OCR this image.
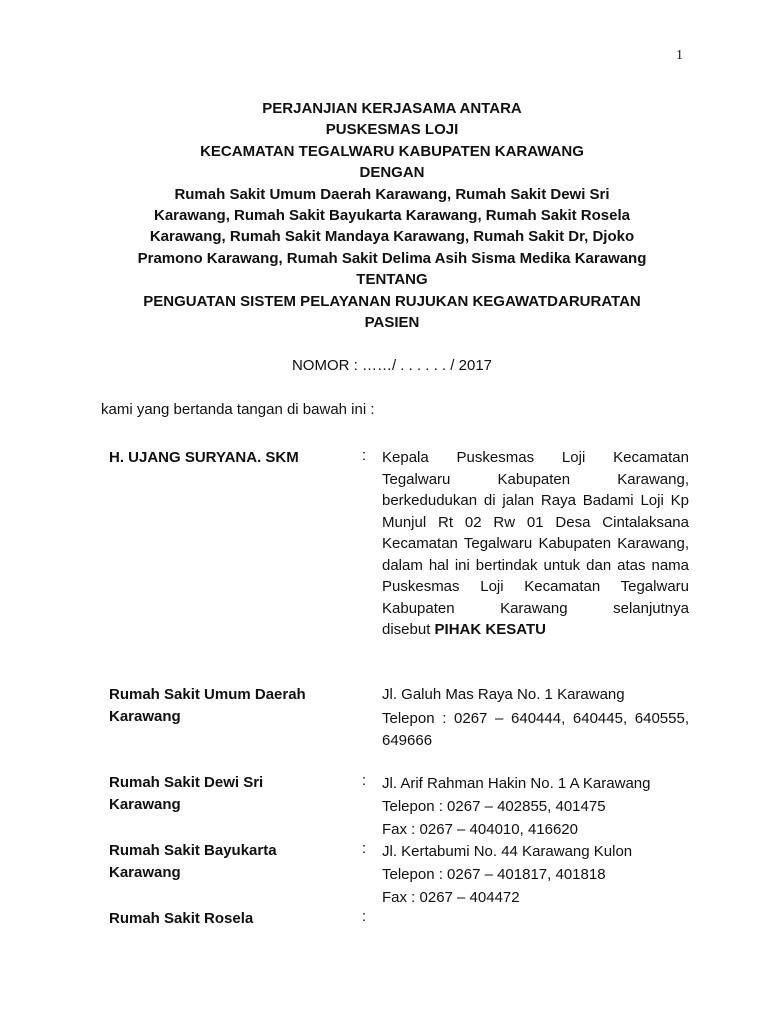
1
PERJANJIAN KERJASAMA ANTARA
PUSKESMAS LOJI
KECAMATAN TEGALWARU KABUPATEN KARAWANG
DENGAN
Rumah Sakit Umum Daerah Karawang, Rumah Sakit Dewi Sri
Karawang, Rumah Sakit Bayukarta Karawang, Rumah Sakit Rosela
Karawang, Rumah Sakit Mandaya Karawang, Rumah Sakit Dr, Djoko
Pramono Karawang, Rumah Sakit Delima Asih Sisma Medika Karawang
TENTANG
PENGUATAN SISTEM PELAYANAN RUJUKAN KEGAWATDARURATAN
PASIEN
NOMOR : ……/ . . . . . . / 2017
kami yang bertanda tangan di bawah ini :
H. UJANG SURYANA. SKM	: Kepala Puskesmas Loji Kecamatan Tegalwaru Kabupaten Karawang, berkedudukan di jalan Raya Badami Loji Kp Munjul Rt 02 Rw 01 Desa Cintalaksana Kecamatan Tegalwaru Kabupaten Karawang, dalam hal ini bertindak untuk dan atas nama Puskesmas Loji Kecamatan Tegalwaru Kabupaten Karawang selanjutnya
disebut PIHAK KESATU
Rumah Sakit Umum Daerah
Karawang
Jl. Galuh Mas Raya No. 1 Karawang
Telepon : 0267 – 640444, 640445, 640555, 649666
Rumah Sakit Dewi Sri
Karawang
: Jl. Arif Rahman Hakin No. 1 A Karawang
Telepon : 0267 – 402855, 401475
Fax : 0267 – 404010, 416620
Rumah Sakit Bayukarta
Karawang
: Jl. Kertabumi No. 44 Karawang Kulon
Telepon : 0267 – 401817, 401818
Fax : 0267 – 404472
Rumah Sakit Rosela	:
